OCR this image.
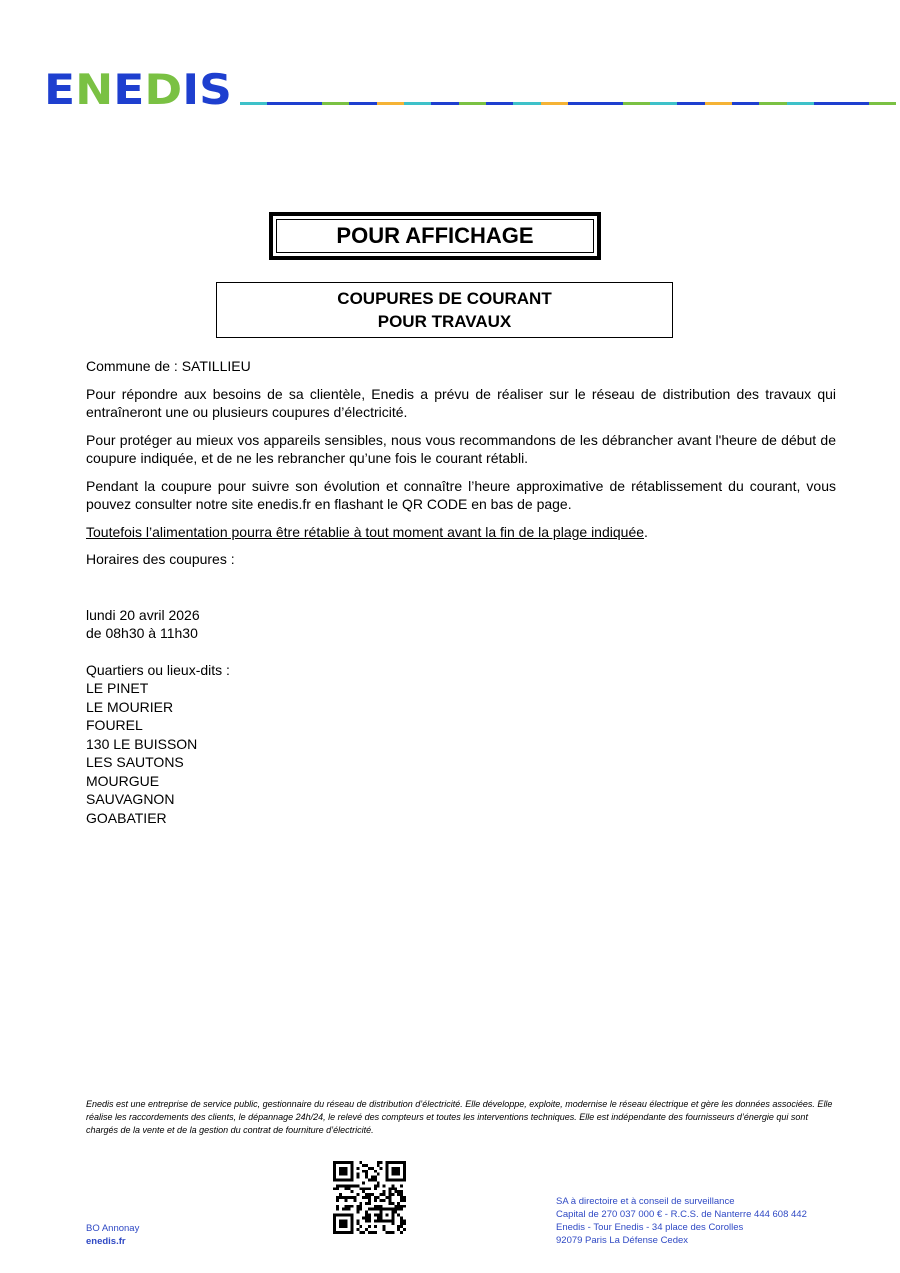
ENEDIS
POUR AFFICHAGE
COUPURES DE COURANT
POUR TRAVAUX

Commune de : SATILLIEU

Pour répondre aux besoins de sa clientèle, Enedis a prévu de réaliser sur le réseau de distribution des travaux qui entraîneront une ou plusieurs coupures d’électricité.

Pour protéger au mieux vos appareils sensibles, nous vous recommandons de les débrancher avant l'heure de début de coupure indiquée, et de ne les rebrancher qu’une fois le courant rétabli.

Pendant la coupure pour suivre son évolution et connaître l’heure approximative de rétablissement du courant, vous pouvez consulter notre site enedis.fr en flashant le QR CODE en bas de page.

Toutefois l’alimentation pourra être rétablie à tout moment avant la fin de la plage indiquée.

Horaires des coupures :

lundi 20 avril 2026
de 08h30 à 11h30
Quartiers ou lieux-dits :
LE PINET
LE MOURIER
FOUREL
130 LE BUISSON
LES SAUTONS
MOURGUE
SAUVAGNON
GOABATIER
Enedis est une entreprise de service public, gestionnaire du réseau de distribution d’électricité. Elle développe, exploite, modernise le réseau électrique et gère les données associées. Elle réalise les raccordements des clients, le dépannage 24h/24, le relevé des compteurs et toutes les interventions techniques. Elle est indépendante des fournisseurs d’énergie qui sont chargés de la vente et de la gestion du contrat de fourniture d’électricité.
BO Annonay
enedis.fr
SA à directoire et à conseil de surveillance
Capital de 270 037 000 € - R.C.S. de Nanterre 444 608 442
Enedis - Tour Enedis - 34 place des Corolles
92079 Paris La Défense Cedex
